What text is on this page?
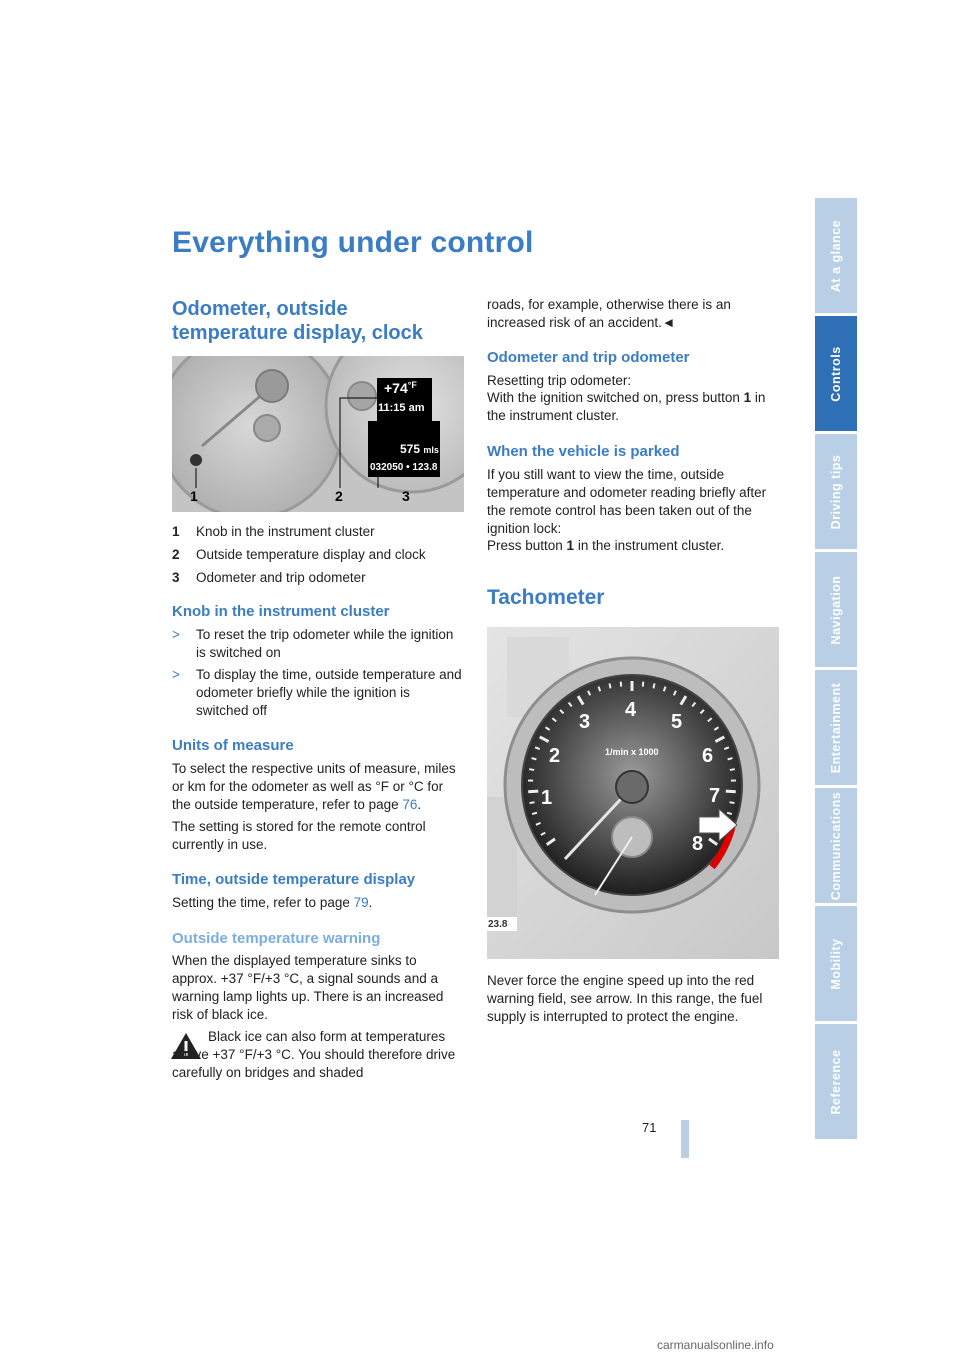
Everything under control
Odometer, outside
temperature display, clock
$+74^{^\circ F}$
11:15 am
575 mls
032050 • 123.8
1	2	3
1 Knob in the instrument cluster
2 Outside temperature display and clock
3 Odometer and trip odometer
Knob in the instrument cluster
> To reset the trip odometer while the ignition is switched on
> To display the time, outside temperature and odometer briefly while the ignition is switched off
Units of measure

To select the respective units of measure, miles or km for the odometer as well as °F or °C for the outside temperature, refer to page 76.

The setting is stored for the remote control currently in use.

Time, outside temperature display

Setting the time, refer to page 79.

Outside temperature warning

When the displayed temperature sinks to approx. +37 °F/+3 °C, a signal sounds and a warning lamp lights up. There is an increased risk of black ice.

Black ice can also form at temperatures above +37 °F/+3 °C. You should therefore drive carefully on bridges and shaded

roads, for example, otherwise there is an increased risk of an accident.◄

Odometer and trip odometer

Resetting trip odometer:

With the ignition switched on, press button 1 in the instrument cluster.

When the vehicle is parked

If you still want to view the time, outside temperature and odometer reading briefly after the remote control has been taken out of the ignition lock:

Press button 1 in the instrument cluster.

Tachometer
1
2
3
4
5
6
7
8
1/min x 1000
23.8

Never force the engine speed up into the red warning field, see arrow. In this range, the fuel supply is interrupted to protect the engine.

At a glance
Controls
Driving tips
Navigation
Entertainment
Communications
Mobility
Reference
71
carmanualsonline.info
